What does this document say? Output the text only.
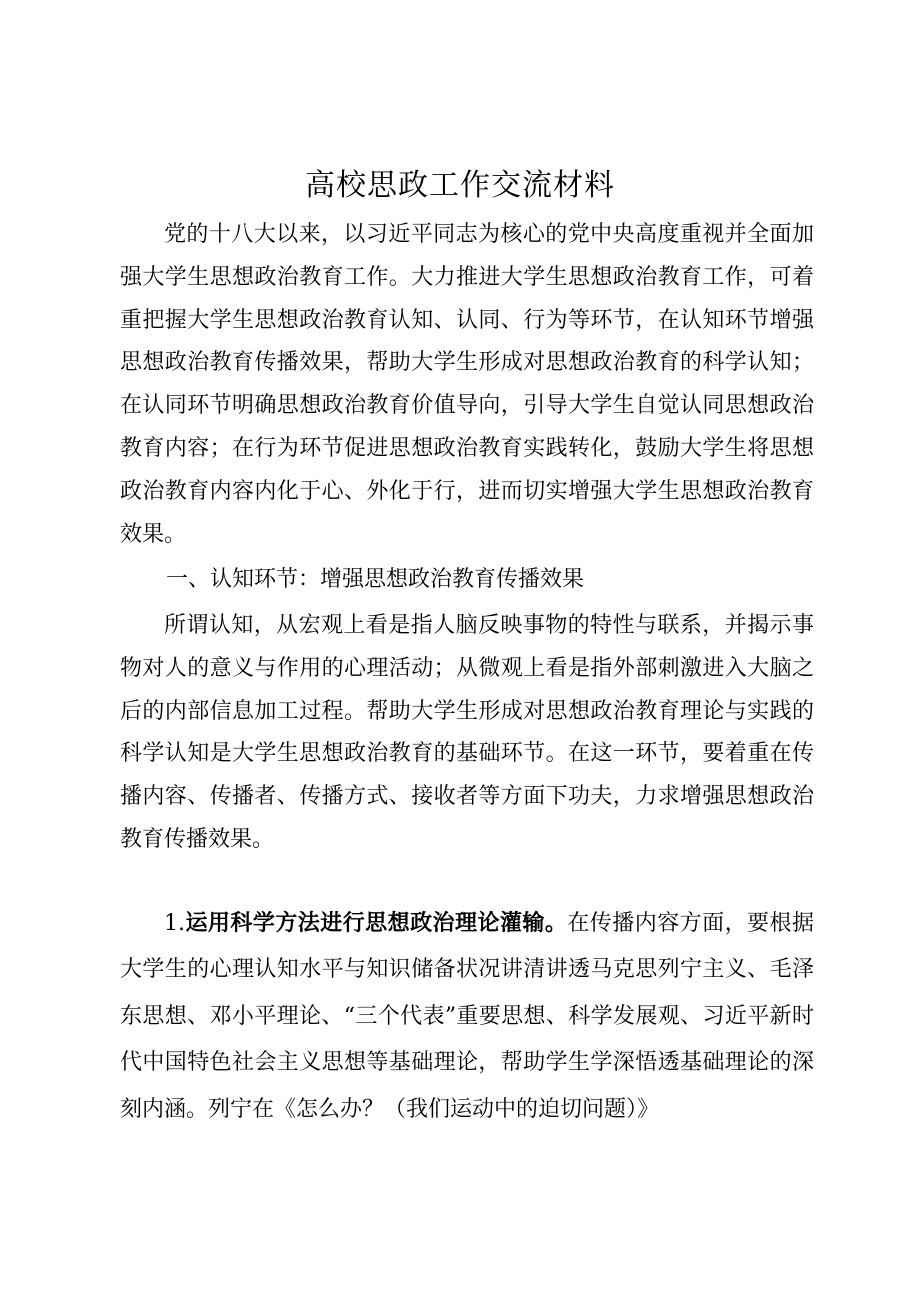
高校思政工作交流材料

党的十八大以来，以习近平同志为核心的党中央高度重视并全面加强大学生思想政治教育工作。大力推进大学生思想政治教育工作，可着重把握大学生思想政治教育认知、认同、行为等环节，在认知环节增强思想政治教育传播效果，帮助大学生形成对思想政治教育的科学认知；在认同环节明确思想政治教育价值导向，引导大学生自觉认同思想政治教育内容；在行为环节促进思想政治教育实践转化，鼓励大学生将思想政治教育内容内化于心、外化于行，进而切实增强大学生思想政治教育效果。

一、认知环节：增强思想政治教育传播效果

所谓认知，从宏观上看是指人脑反映事物的特性与联系，并揭示事物对人的意义与作用的心理活动；从微观上看是指外部刺激进入大脑之后的内部信息加工过程。帮助大学生形成对思想政治教育理论与实践的科学认知是大学生思想政治教育的基础环节。在这一环节，要着重在传播内容、传播者、传播方式、接收者等方面下功夫，力求增强思想政治教育传播效果。

1.运用科学方法进行思想政治理论灌输。在传播内容方面，要根据大学生的心理认知水平与知识储备状况讲清讲透马克思列宁主义、毛泽东思想、邓小平理论、“三个代表”重要思想、科学发展观、习近平新时代中国特色社会主义思想等基础理论，帮助学生学深悟透基础理论的深刻内涵。列宁在《怎么办？（我们运动中的迫切问题）》
